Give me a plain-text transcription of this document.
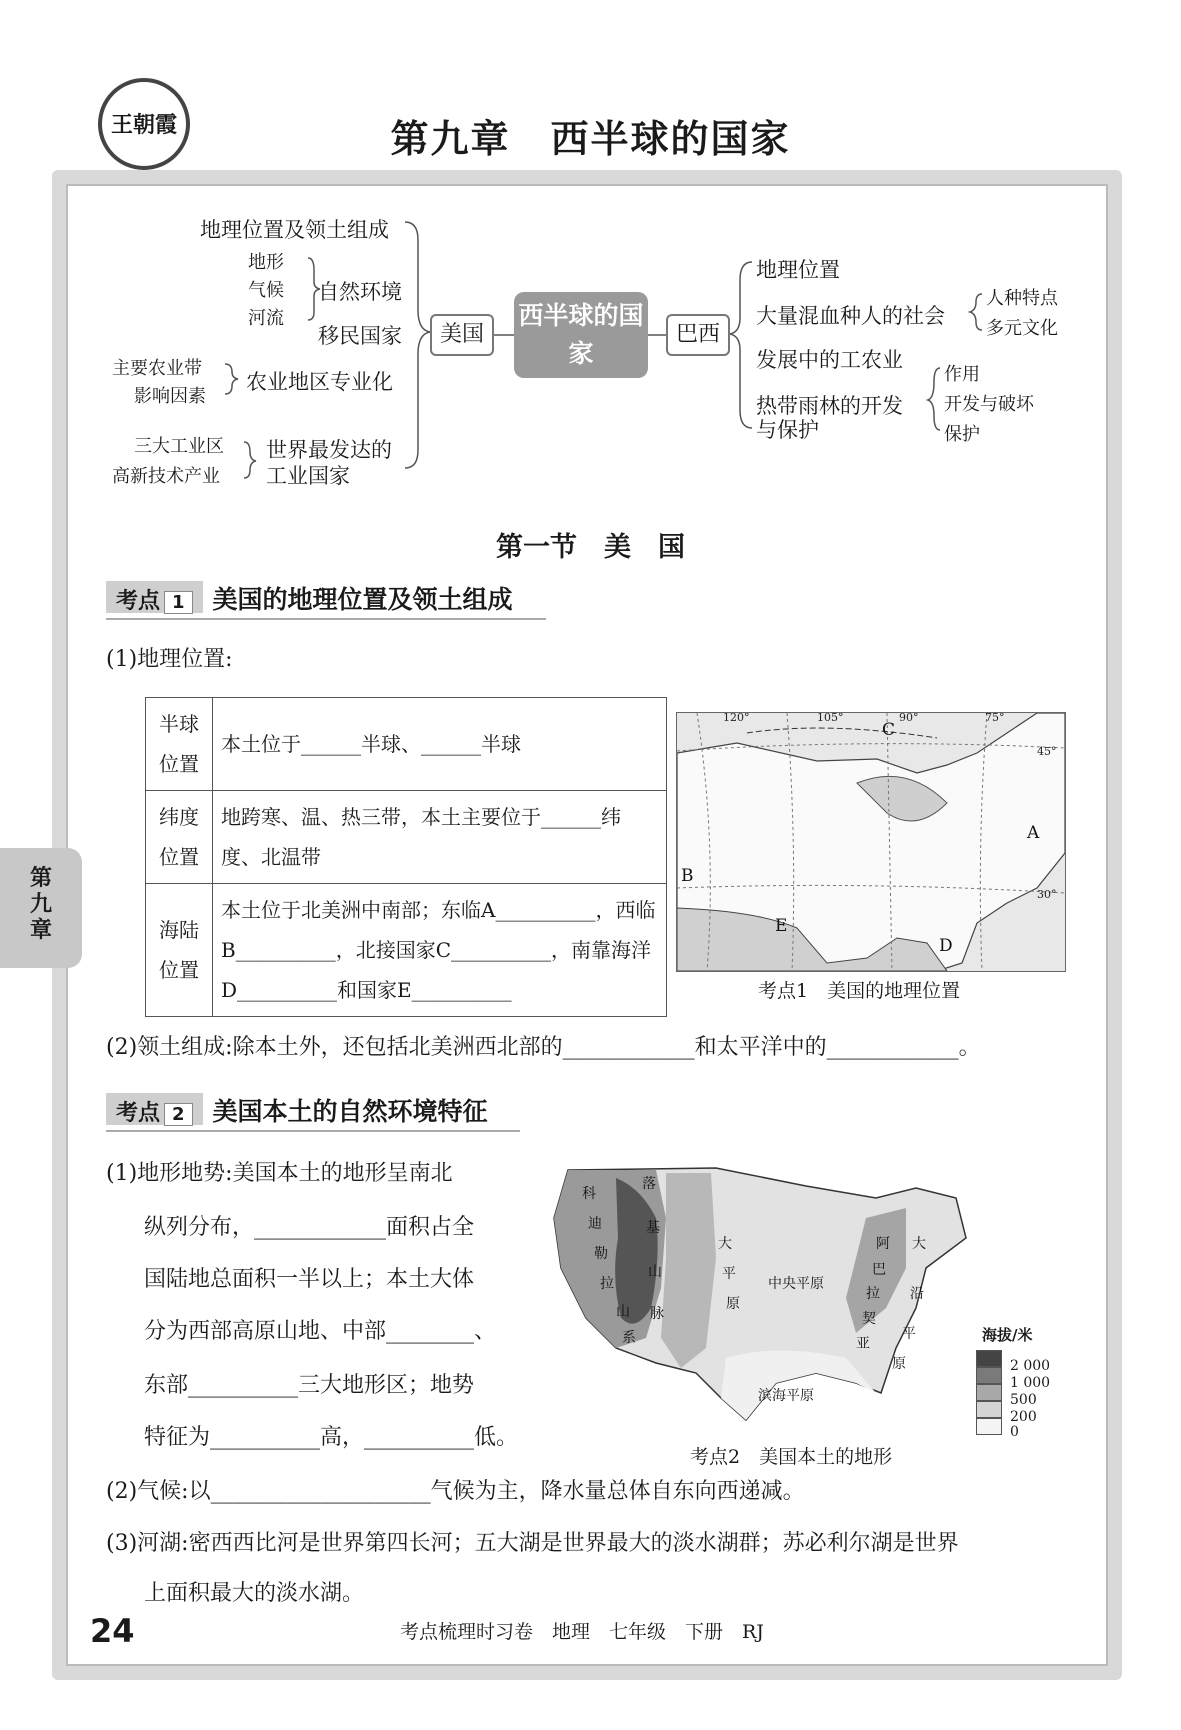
王朝霞	第九章　西半球的国家
地理位置及领土组成
地形
气候
河流
自然环境
移民国家
主要农业带
影响因素
农业地区专业化
三大工业区
高新技术产业
世界最发达的
工业国家
美国
西半球的国家
巴西
地理位置
大量混血种人的社会
人种特点
多元文化
发展中的工农业
热带雨林的开发
与保护
作用
开发与破坏
保护
第一节　美　国
考点 1 美国的地理位置及领土组成
(1)地理位置:
半球位置	本土位于______半球、______半球
纬度位置	地跨寒、温、热三带，本土主要位于______纬度、北温带
海陆位置	本土位于北美洲中南部；东临A__________，西临B__________，北接国家C__________，南靠海洋D__________和国家E__________
120°	105°	90°	75°
45°
30°
A
B
C
D
E
考点1　美国的地理位置
(2)领土组成:除本土外，还包括北美洲西北部的____________和太平洋中的____________。
考点 2 美国本土的自然环境特征
(1)地形地势:美国本土的地形呈南北
纵列分布，____________面积占全
国陆地总面积一半以上；本土大体
分为西部高原山地、中部________、
东部__________三大地形区；地势
特征为__________高，__________低。
落
基
山
脉
科
迪
勒
拉
山
系
大
平
原
中央平原
滨海平原
阿
巴
拉
契
亚
大
沿
平
原
海拔/米
2 000
1 000
500
200
0
考点2　美国本土的地形
(2)气候:以____________________气候为主，降水量总体自东向西递减。
(3)河湖:密西西比河是世界第四长河；五大湖是世界最大的淡水湖群；苏必利尔湖是世界
上面积最大的淡水湖。
第九章
24	考点梳理时习卷　地理　七年级　下册　RJ
